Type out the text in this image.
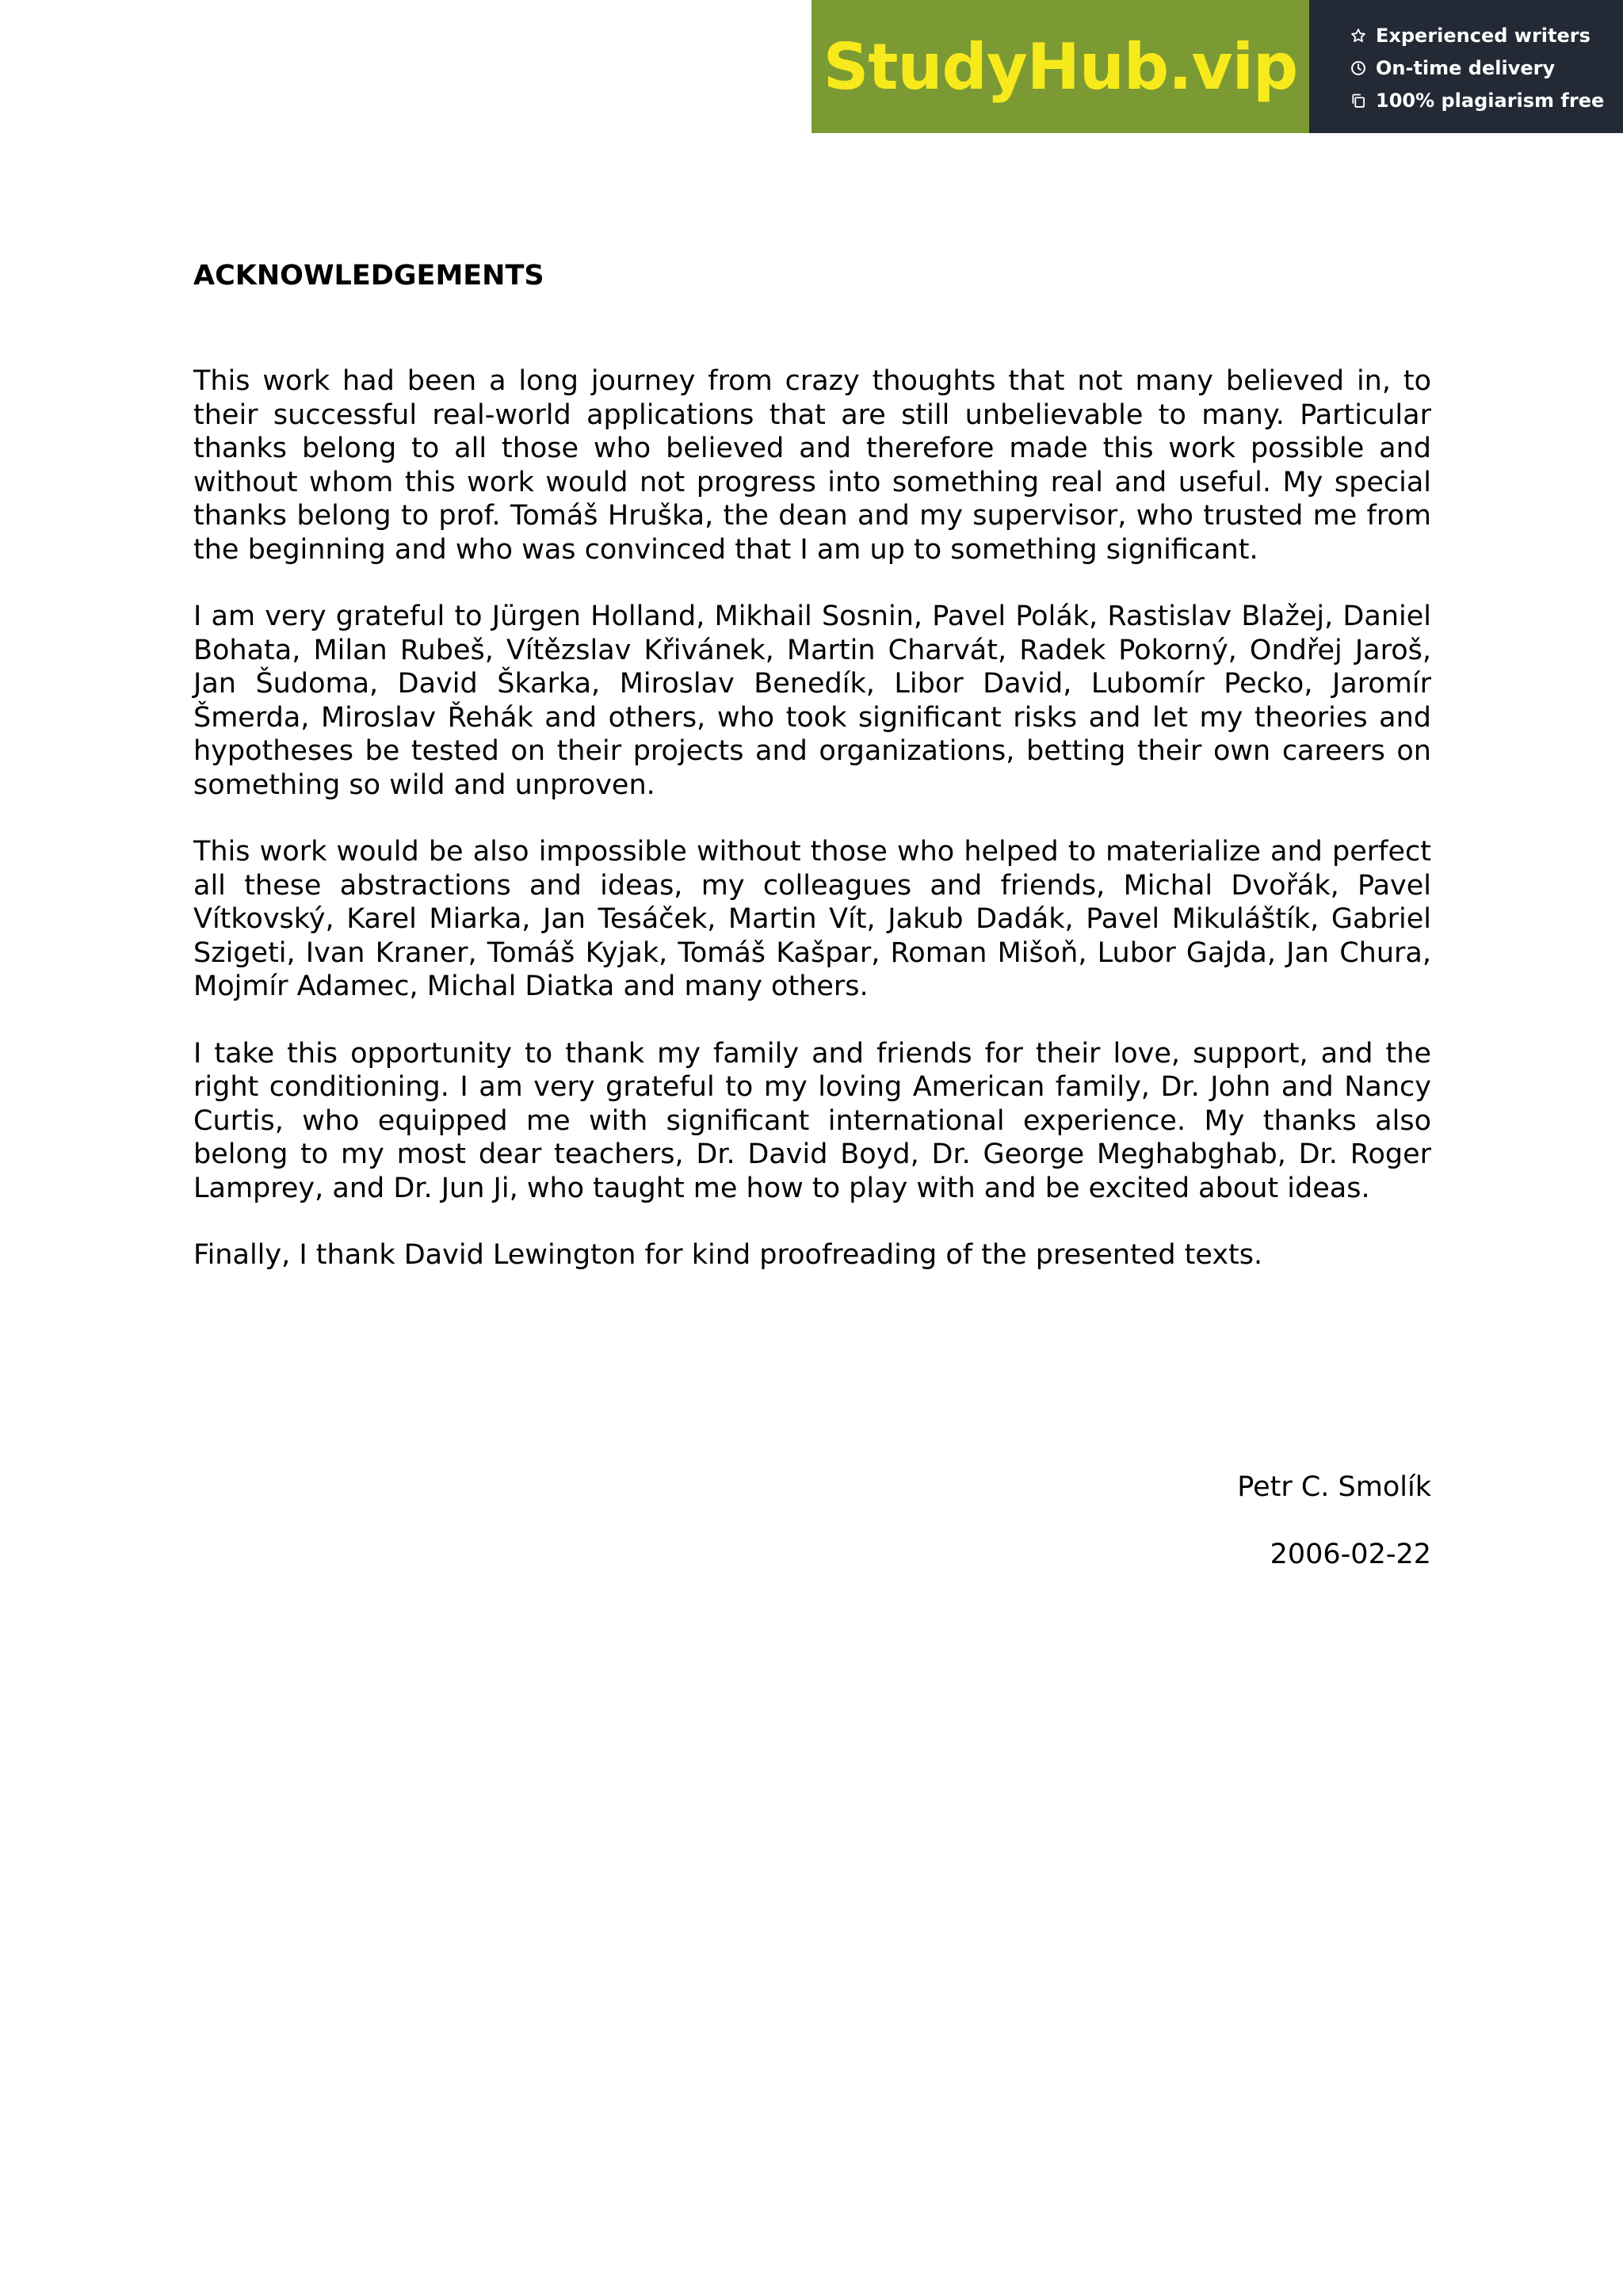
StudyHub.vip	Experienced writers
On-time delivery
100% plagiarism free
ACKNOWLEDGEMENTS

This work had been a long journey from crazy thoughts that not many believed in, to their successful real-world applications that are still unbelievable to many. Particular thanks belong to all those who believed and therefore made this work possible and without whom this work would not progress into something real and useful. My special thanks belong to prof. Tomáš Hruška, the dean and my supervisor, who trusted me from the beginning and who was convinced that I am up to something significant.

I am very grateful to Jürgen Holland, Mikhail Sosnin, Pavel Polák, Rastislav Blažej, Daniel Bohata, Milan Rubeš, Vítězslav Křivánek, Martin Charvát, Radek Pokorný, Ondřej Jaroš, Jan Šudoma, David Škarka, Miroslav Benedík, Libor David, Lubomír Pecko, Jaromír Šmerda, Miroslav Řehák and others, who took significant risks and let my theories and hypotheses be tested on their projects and organizations, betting their own careers on something so wild and unproven.

This work would be also impossible without those who helped to materialize and perfect all these abstractions and ideas, my colleagues and friends, Michal Dvořák, Pavel Vítkovský, Karel Miarka, Jan Tesáček, Martin Vít, Jakub Dadák, Pavel Mikuláštík, Gabriel Szigeti, Ivan Kraner, Tomáš Kyjak, Tomáš Kašpar, Roman Mišoň, Lubor Gajda, Jan Chura, Mojmír Adamec, Michal Diatka and many others.

I take this opportunity to thank my family and friends for their love, support, and the right conditioning. I am very grateful to my loving American family, Dr. John and Nancy Curtis, who equipped me with significant international experience. My thanks also belong to my most dear teachers, Dr. David Boyd, Dr. George Meghabghab, Dr. Roger Lamprey, and Dr. Jun Ji, who taught me how to play with and be excited about ideas.

Finally, I thank David Lewington for kind proofreading of the presented texts.

Petr C. Smolík
2006-02-22
